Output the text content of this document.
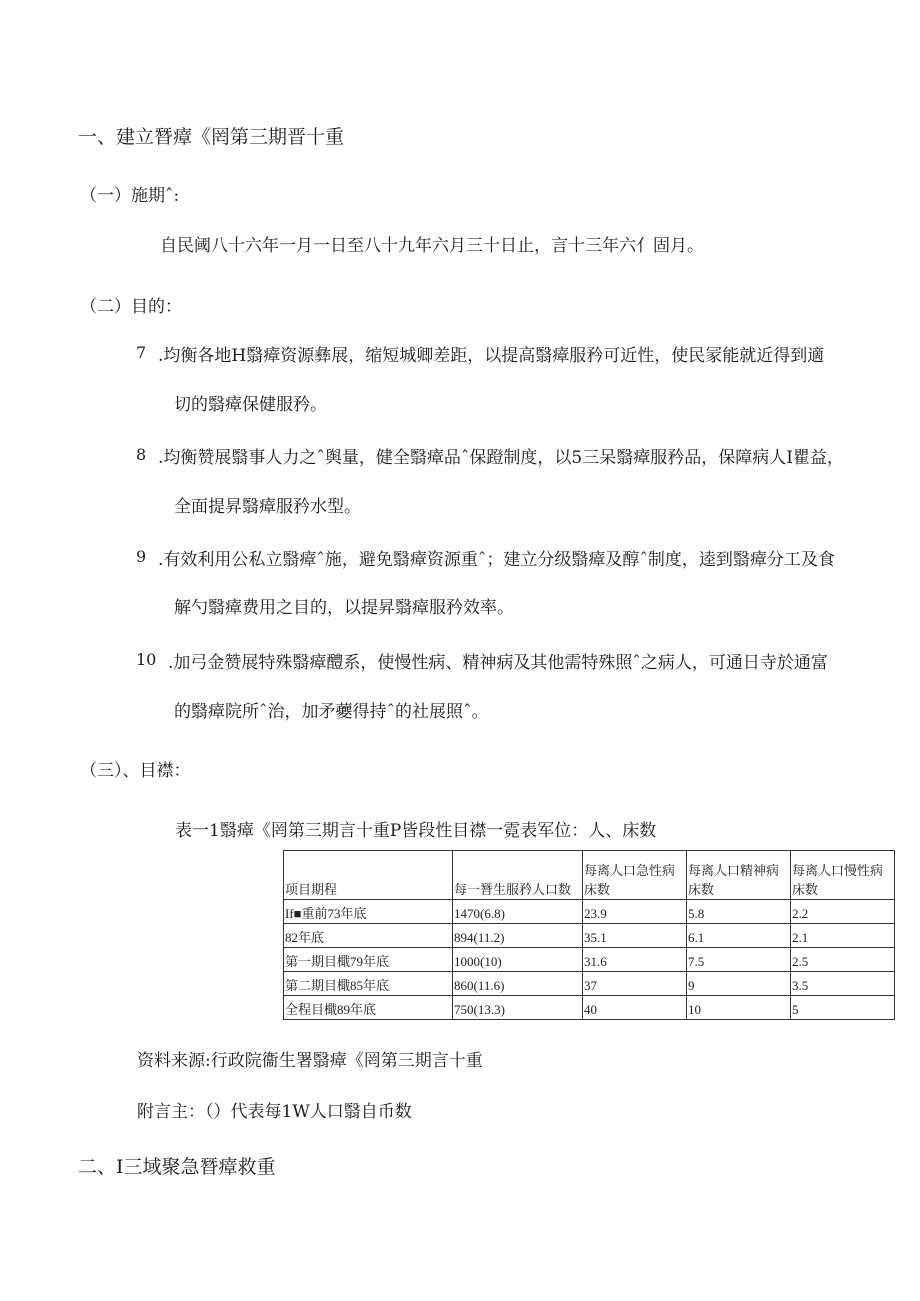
一、建立朁瘴《罔第三期晋十重
（一）施期ˆ:
自民阈八十六年一月一日至八十九年六月三十日止，言十三年六亻固月。
（二）目的：
7 .均衡各地H翳瘴资源彝展，缩短城卿差距，以提高翳瘴服矜可近性，使民冡能就近得到適
切的翳瘴保健服矜。
8 .均衡赞展翳事人力之ˆ舆量，健全翳瘴品ˆ保蹬制度，以5三呆翳瘴服矜品，保障病人I瞿益，
全面提昇翳瘴服矜水型。
9 .有效利用公私立翳瘴ˆ施，避免翳瘴资源重ˆ；建立分级翳瘴及醇ˆ制度，逵到翳瘴分工及食
解勺翳瘴费用之目的，以提昇翳瘴服矜效率。
10 .加弓金赞展特殊翳瘴醴系，使慢性病、精神病及其他需特殊照ˆ之病人，可通日寺於通富
的翳瘴院所ˆ治，加矛虁得持ˆ的社展照ˆ。
（三）、目襟：
表一1翳瘴《罔第三期言十重P皆段性目襟一霓表军位：人、床数
项目期程	每一朁生服矜人口数	每离人口急性病床数	每离人口精神病床数	每离人口慢性病床数

If■重前73年底	1470(6.8)	23.9	5.8	2.2
82年底	894(11.2)	35.1	6.1	2.1
第一期目檝79年底	1000(10)	31.6	7.5	2.5
第二期目檝85年底	860(11.6)	37	9	3.5
全程目檝89年底	750(13.3)	40	10	5
资料来源:行政院衞生署翳瘴《罔第三期言十重
附言主：（）代表每1W人口翳自币数
二、I三域聚急朁瘴救重
